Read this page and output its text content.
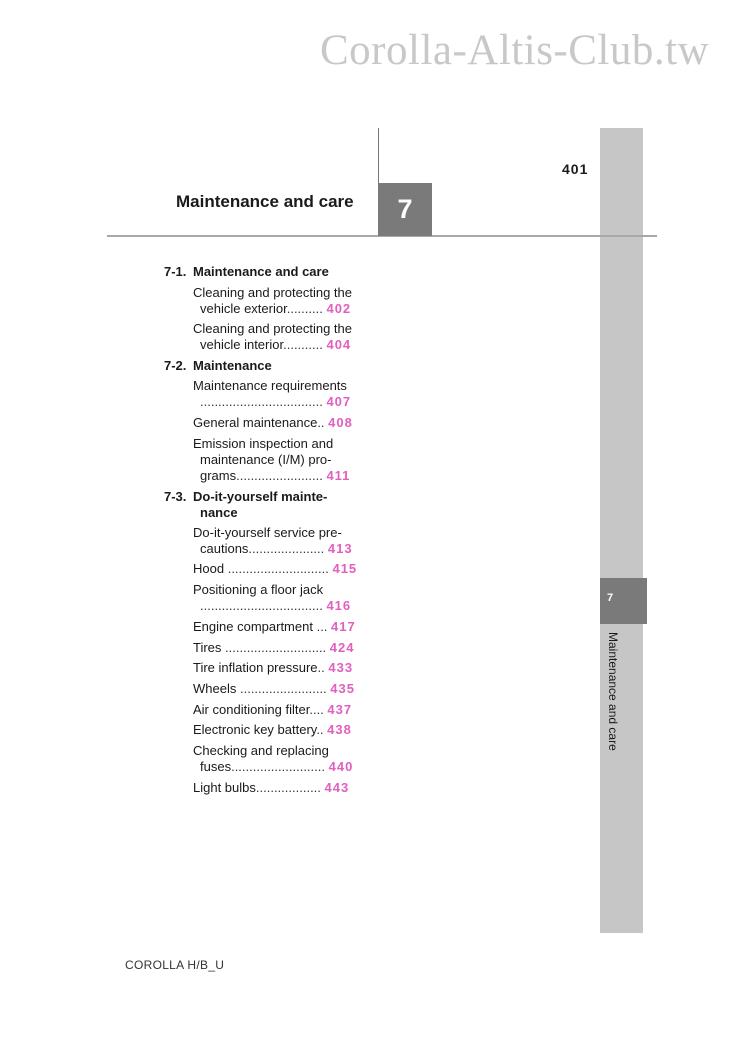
Corolla-Altis-Club.tw
7
Maintenance and care
7
401
Maintenance and care
7-1. Maintenance and care
Cleaning and protecting the
vehicle exterior.......... 402
Cleaning and protecting the
vehicle interior........... 404
7-2. Maintenance
Maintenance requirements
.................................. 407
General maintenance.. 408
Emission inspection and
maintenance (I/M) pro-
grams........................ 411
7-3. Do-it-yourself mainte-
nance
Do-it-yourself service pre-
cautions..................... 413
Hood ............................ 415
Positioning a floor jack
.................................. 416
Engine compartment ... 417
Tires ............................ 424
Tire inflation pressure.. 433
Wheels ........................ 435
Air conditioning filter.... 437
Electronic key battery.. 438
Checking and replacing
fuses.......................... 440
Light bulbs.................. 443
COROLLA H/B_U
